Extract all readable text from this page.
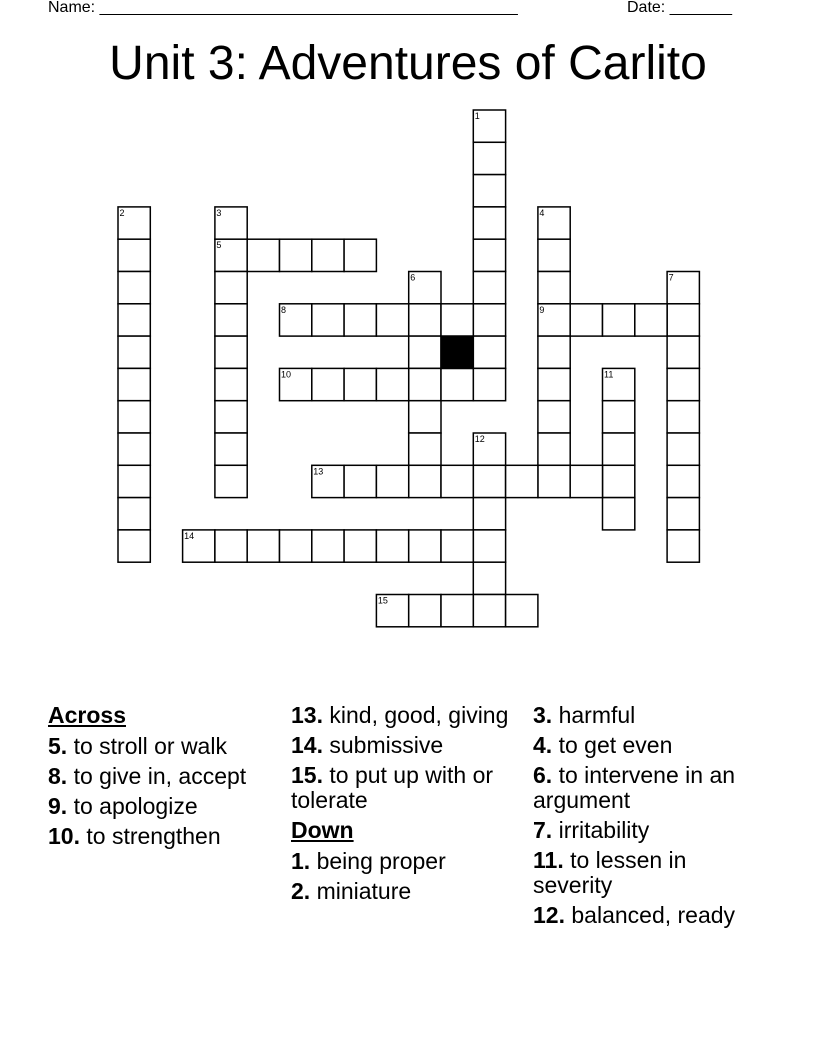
Name: _______________________________________________	Date: _______
Unit 3: Adventures of Carlito
1
2	3	4
5
6	7
8	9
10	11
12
13
14
15
Across
5. to stroll or walk
8. to give in, accept
9. to apologize
10. to strengthen
13. kind, good, giving
14. submissive
15. to put up with or tolerate
Down
1. being proper
2. miniature
3. harmful
4. to get even
6. to intervene in an argument
7. irritability
11. to lessen in severity
12. balanced, ready
